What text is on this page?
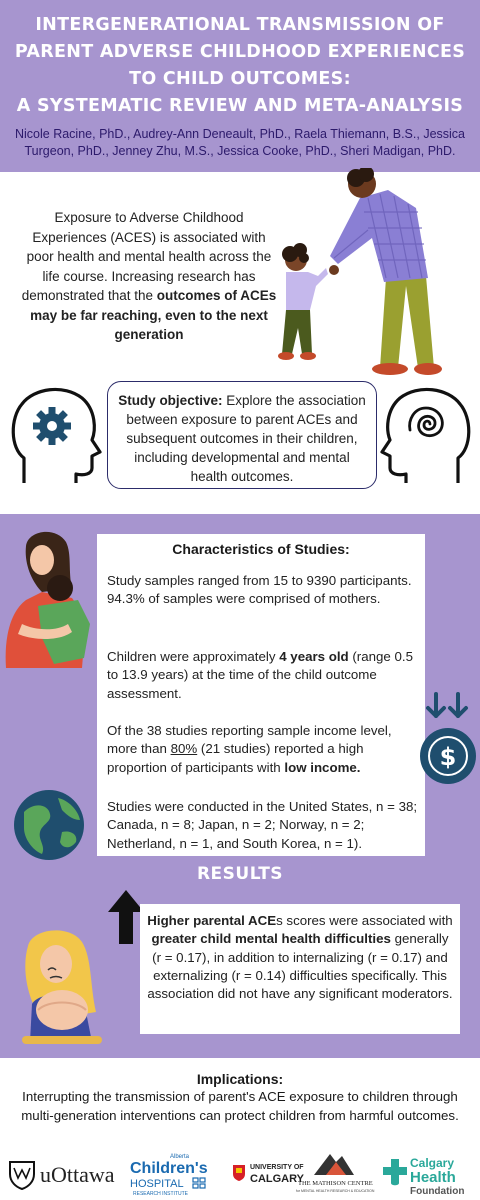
INTERGENERATIONAL TRANSMISSION OF
PARENT ADVERSE CHILDHOOD EXPERIENCES
TO CHILD OUTCOMES:
A SYSTEMATIC REVIEW AND META-ANALYSIS
Nicole Racine, PhD., Audrey-Ann Deneault, PhD., Raela Thiemann, B.S., Jessica
Turgeon, PhD., Jenney Zhu, M.S., Jessica Cooke, PhD., Sheri Madigan, PhD.
Exposure to Adverse Childhood Experiences (ACES) is associated with poor health and mental health across the life course. Increasing research has demonstrated that the outcomes of ACEs may be far reaching, even to the next generation
Study objective: Explore the association between exposure to parent ACEs and subsequent outcomes in their children, including developmental and mental health outcomes.
Characteristics of Studies:
Study samples ranged from 15 to 9390 participants. 94.3% of samples were comprised of mothers.
Children were approximately 4 years old (range 0.5 to 13.9 years) at the time of the child outcome assessment.
Of the 38 studies reporting sample income level, more than 80% (21 studies) reported a high proportion of participants with low income.
Studies were conducted in the United States, n = 38; Canada, n = 8; Japan, n = 2; Norway, n = 2; Netherland, n = 1, and South Korea, n = 1).
$
RESULTS
Higher parental ACEs scores were associated with greater child mental health difficulties generally (r = 0.17), in addition to internalizing (r = 0.17) and externalizing (r = 0.14) difficulties specifically. This association did not have any significant moderators.
Implications:
Interrupting the transmission of parent's ACE exposure to children through multi-generation interventions can protect children from harmful outcomes.
uOttawa
Alberta
Children's
HOSPITAL
RESEARCH INSTITUTE
UNIVERSITY OF
CALGARY
THE MATHISON CENTRE
for MENTAL HEALTH RESEARCH & EDUCATION
Calgary
Health
Foundation
